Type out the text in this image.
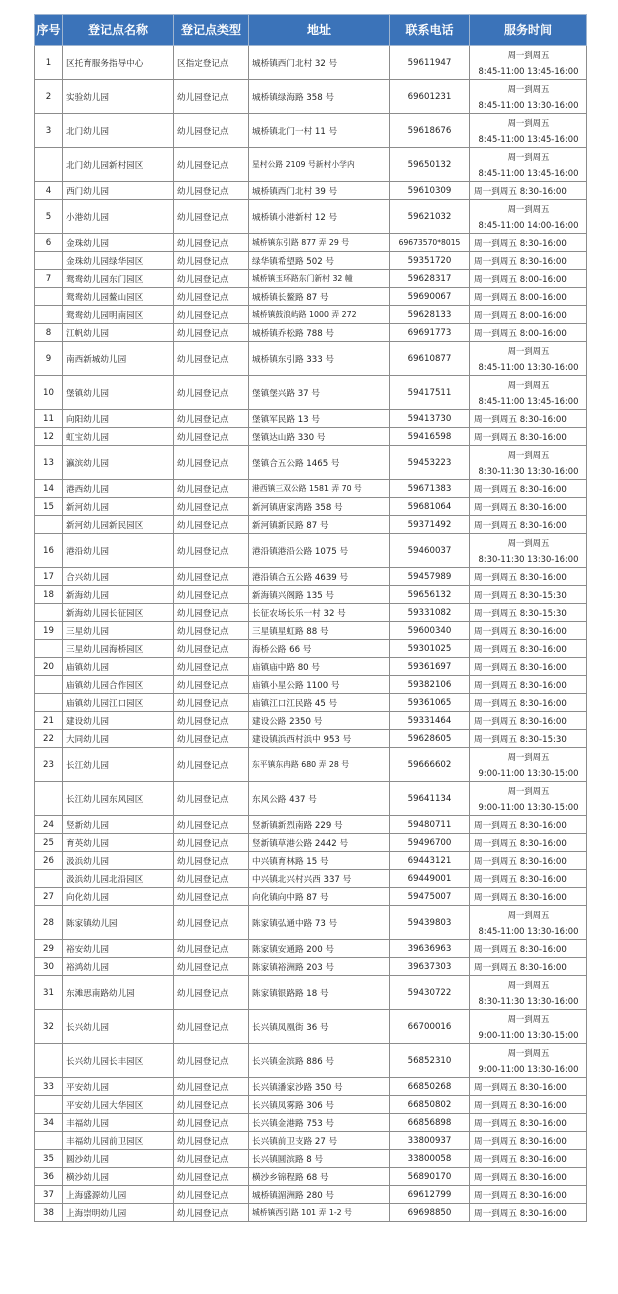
序号	登记点名称	登记点类型	地址	联系电话	服务时间
1	区托育服务指导中心	区指定登记点	城桥镇西门北村 32 号	59611947	周一到周五
8:45-11:00 13:45-16:00

2	实验幼儿园	幼儿园登记点	城桥镇绿海路 358 号	69601231	周一到周五
8:45-11:00 13:30-16:00

3	北门幼儿园	幼儿园登记点	城桥镇北门一村 11 号	59618676	周一到周五
8:45-11:00 13:45-16:00

	北门幼儿园新村园区	幼儿园登记点	星村公路 2109 号新村小学内	59650132	周一到周五
8:45-11:00 13:45-16:00

4	西门幼儿园	幼儿园登记点	城桥镇西门北村 39 号	59610309	周一到周五 8:30-16:00
5	小港幼儿园	幼儿园登记点	城桥镇小港新村 12 号	59621032	周一到周五
8:45-11:00 14:00-16:00

6	金珠幼儿园	幼儿园登记点	城桥镇东引路 877 弄 29 号	69673570*8015	周一到周五 8:30-16:00
	金珠幼儿园绿华园区	幼儿园登记点	绿华镇希望路 502 号	59351720	周一到周五 8:30-16:00
7	鸳鸯幼儿园东门园区	幼儿园登记点	城桥镇玉环路东门新村 32 幢	59628317	周一到周五 8:00-16:00
	鸳鸯幼儿园鳌山园区	幼儿园登记点	城桥镇长鳌路 87 号	59690067	周一到周五 8:00-16:00
	鸳鸯幼儿园明南园区	幼儿园登记点	城桥镇鼓浪屿路 1000 弄 272	59628133	周一到周五 8:00-16:00
8	江帆幼儿园	幼儿园登记点	城桥镇乔松路 788 号	69691773	周一到周五 8:00-16:00
9	南西新城幼儿园	幼儿园登记点	城桥镇东引路 333 号	69610877	周一到周五
8:45-11:00 13:30-16:00

10	堡镇幼儿园	幼儿园登记点	堡镇堡兴路 37 号	59417511	周一到周五
8:45-11:00 13:45-16:00

11	向阳幼儿园	幼儿园登记点	堡镇军民路 13 号	59413730	周一到周五 8:30-16:00
12	虹宝幼儿园	幼儿园登记点	堡镇达山路 330 号	59416598	周一到周五 8:30-16:00
13	瀛滨幼儿园	幼儿园登记点	堡镇合五公路 1465 号	59453223	周一到周五
8:30-11:30 13:30-16:00

14	港西幼儿园	幼儿园登记点	港西镇三双公路 1581 弄 70 号	59671383	周一到周五 8:30-16:00
15	新河幼儿园	幼儿园登记点	新河镇唐家湾路 358 号	59681064	周一到周五 8:30-16:00
	新河幼儿园新民园区	幼儿园登记点	新河镇新民路 87 号	59371492	周一到周五 8:30-16:00
16	港沿幼儿园	幼儿园登记点	港沿镇港沿公路 1075 号	59460037	周一到周五
8:30-11:30 13:30-16:00

17	合兴幼儿园	幼儿园登记点	港沿镇合五公路 4639 号	59457989	周一到周五 8:30-16:00
18	新海幼儿园	幼儿园登记点	新海镇兴阁路 135 号	59656132	周一到周五 8:30-15:30
	新海幼儿园长征园区	幼儿园登记点	长征农场长乐一村 32 号	59331082	周一到周五 8:30-15:30
19	三星幼儿园	幼儿园登记点	三星镇星虹路 88 号	59600340	周一到周五 8:30-16:00
	三星幼儿园海桥园区	幼儿园登记点	海桥公路 66 号	59301025	周一到周五 8:30-16:00
20	庙镇幼儿园	幼儿园登记点	庙镇庙中路 80 号	59361697	周一到周五 8:30-16:00
	庙镇幼儿园合作园区	幼儿园登记点	庙镇小星公路 1100 号	59382106	周一到周五 8:30-16:00
	庙镇幼儿园江口园区	幼儿园登记点	庙镇江口江民路 45 号	59361065	周一到周五 8:30-16:00
21	建设幼儿园	幼儿园登记点	建设公路 2350 号	59331464	周一到周五 8:30-16:00
22	大同幼儿园	幼儿园登记点	建设镇浜西村浜中 953 号	59628605	周一到周五 8:30-15:30
23	长江幼儿园	幼儿园登记点	东平镇东冉路 680 弄 28 号	59666602	周一到周五
9:00-11:00 13:30-15:00

	长江幼儿园东风园区	幼儿园登记点	东风公路 437 号	59641134	周一到周五
9:00-11:00 13:30-15:00

24	竖新幼儿园	幼儿园登记点	竖新镇新烈南路 229 号	59480711	周一到周五 8:30-16:00
25	育英幼儿园	幼儿园登记点	竖新镇草港公路 2442 号	59496700	周一到周五 8:30-16:00
26	汲浜幼儿园	幼儿园登记点	中兴镇育林路 15 号	69443121	周一到周五 8:30-16:00
	汲浜幼儿园北沿园区	幼儿园登记点	中兴镇北兴村兴西 337 号	69449001	周一到周五 8:30-16:00
27	向化幼儿园	幼儿园登记点	向化镇向中路 87 号	59475007	周一到周五 8:30-16:00
28	陈家镇幼儿园	幼儿园登记点	陈家镇弘通中路 73 号	59439803	周一到周五
8:45-11:00 13:30-16:00

29	裕安幼儿园	幼儿园登记点	陈家镇安通路 200 号	39636963	周一到周五 8:30-16:00
30	裕鸿幼儿园	幼儿园登记点	陈家镇裕洲路 203 号	39637303	周一到周五 8:30-16:00
31	东滩思南路幼儿园	幼儿园登记点	陈家镇银路路 18 号	59430722	周一到周五
8:30-11:30 13:30-16:00

32	长兴幼儿园	幼儿园登记点	长兴镇凤凰街 36 号	66700016	周一到周五
9:00-11:00 13:30-15:00

	长兴幼儿园长丰园区	幼儿园登记点	长兴镇金滨路 886 号	56852310	周一到周五
9:00-11:00 13:30-16:00

33	平安幼儿园	幼儿园登记点	长兴镇潘家沙路 350 号	66850268	周一到周五 8:30-16:00
	平安幼儿园大华园区	幼儿园登记点	长兴镇凤雾路 306 号	66850802	周一到周五 8:30-16:00
34	丰福幼儿园	幼儿园登记点	长兴镇金港路 753 号	66856898	周一到周五 8:30-16:00
	丰福幼儿园前卫园区	幼儿园登记点	长兴镇前卫支路 27 号	33800937	周一到周五 8:30-16:00
35	圆沙幼儿园	幼儿园登记点	长兴镇圆滨路 8 号	33800058	周一到周五 8:30-16:00
36	横沙幼儿园	幼儿园登记点	横沙乡锦程路 68 号	56890170	周一到周五 8:30-16:00
37	上海盛源幼儿园	幼儿园登记点	城桥镇湄洲路 280 号	69612799	周一到周五 8:30-16:00
38	上海崇明幼儿园	幼儿园登记点	城桥镇西引路 101 弄 1-2 号	69698850	周一到周五 8:30-16:00
